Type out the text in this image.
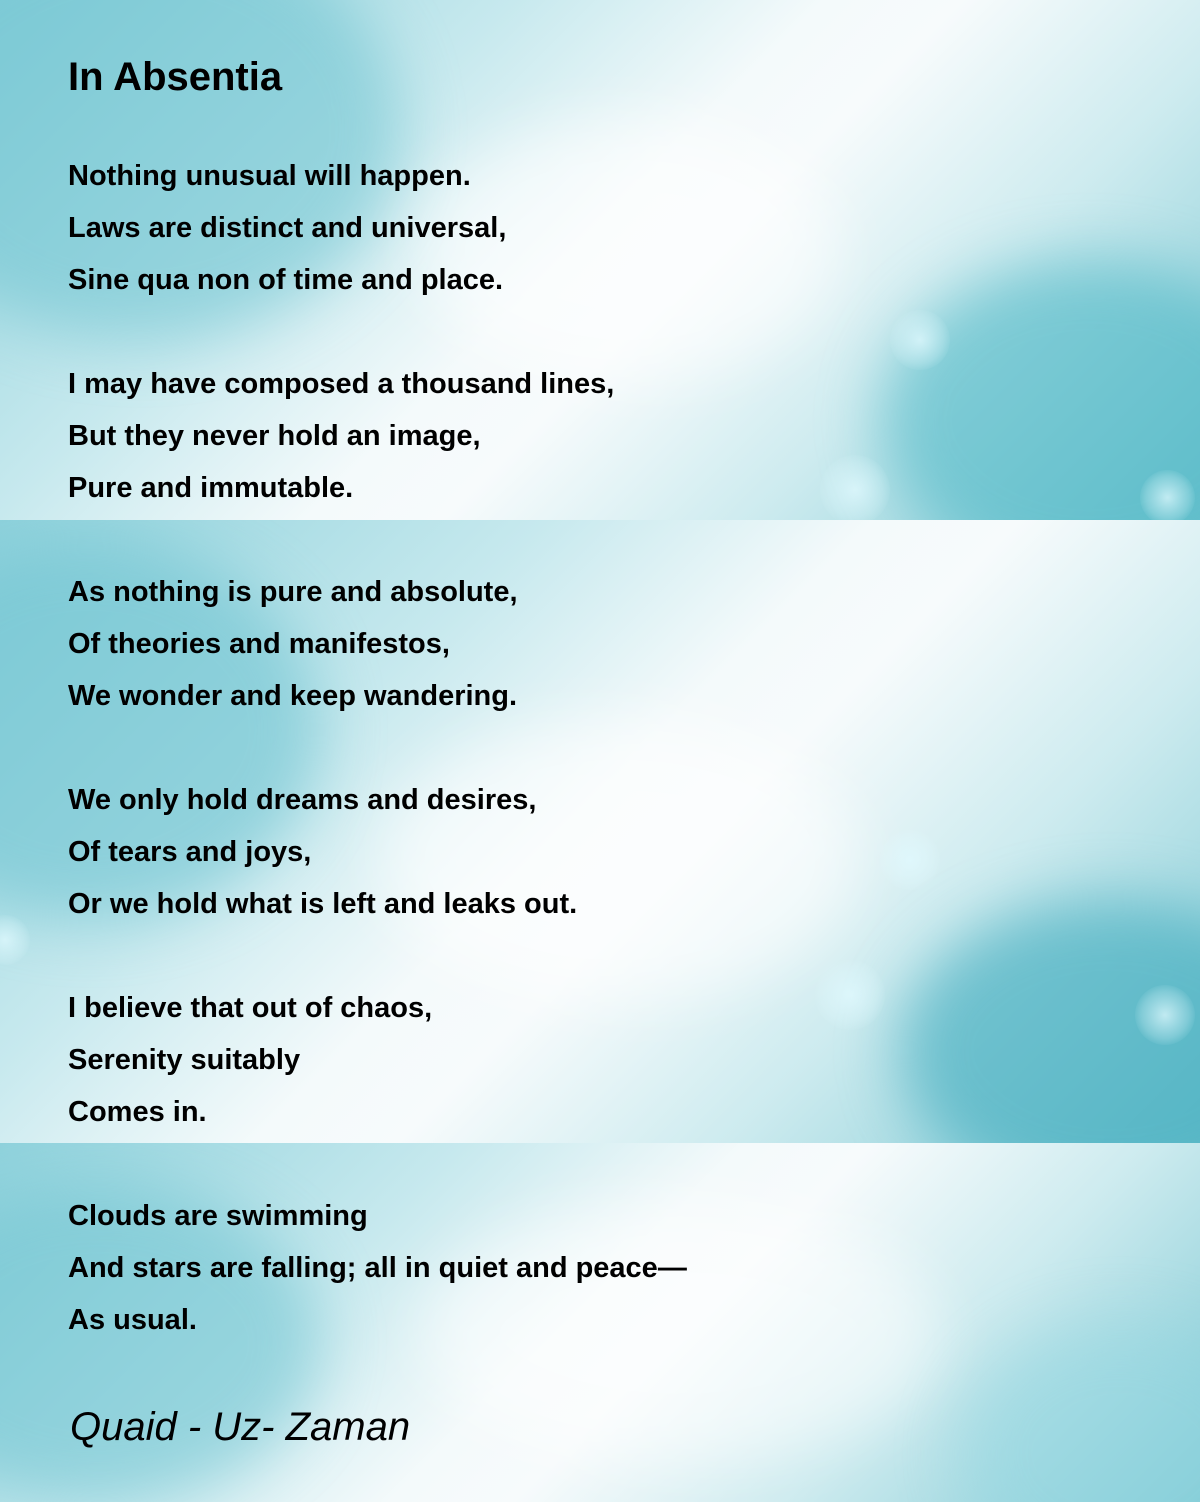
In Absentia
Nothing unusual will happen.
Laws are distinct and universal,
Sine qua non of time and place.
I may have composed a thousand lines,
But they never hold an image,
Pure and immutable.
As nothing is pure and absolute,
Of theories and manifestos,
We wonder and keep wandering.
We only hold dreams and desires,
Of tears and joys,
Or we hold what is left and leaks out.
I believe that out of chaos,
Serenity suitably
Comes in.
Clouds are swimming
And stars are falling; all in quiet and peace—
As usual.
Quaid - Uz- Zaman
